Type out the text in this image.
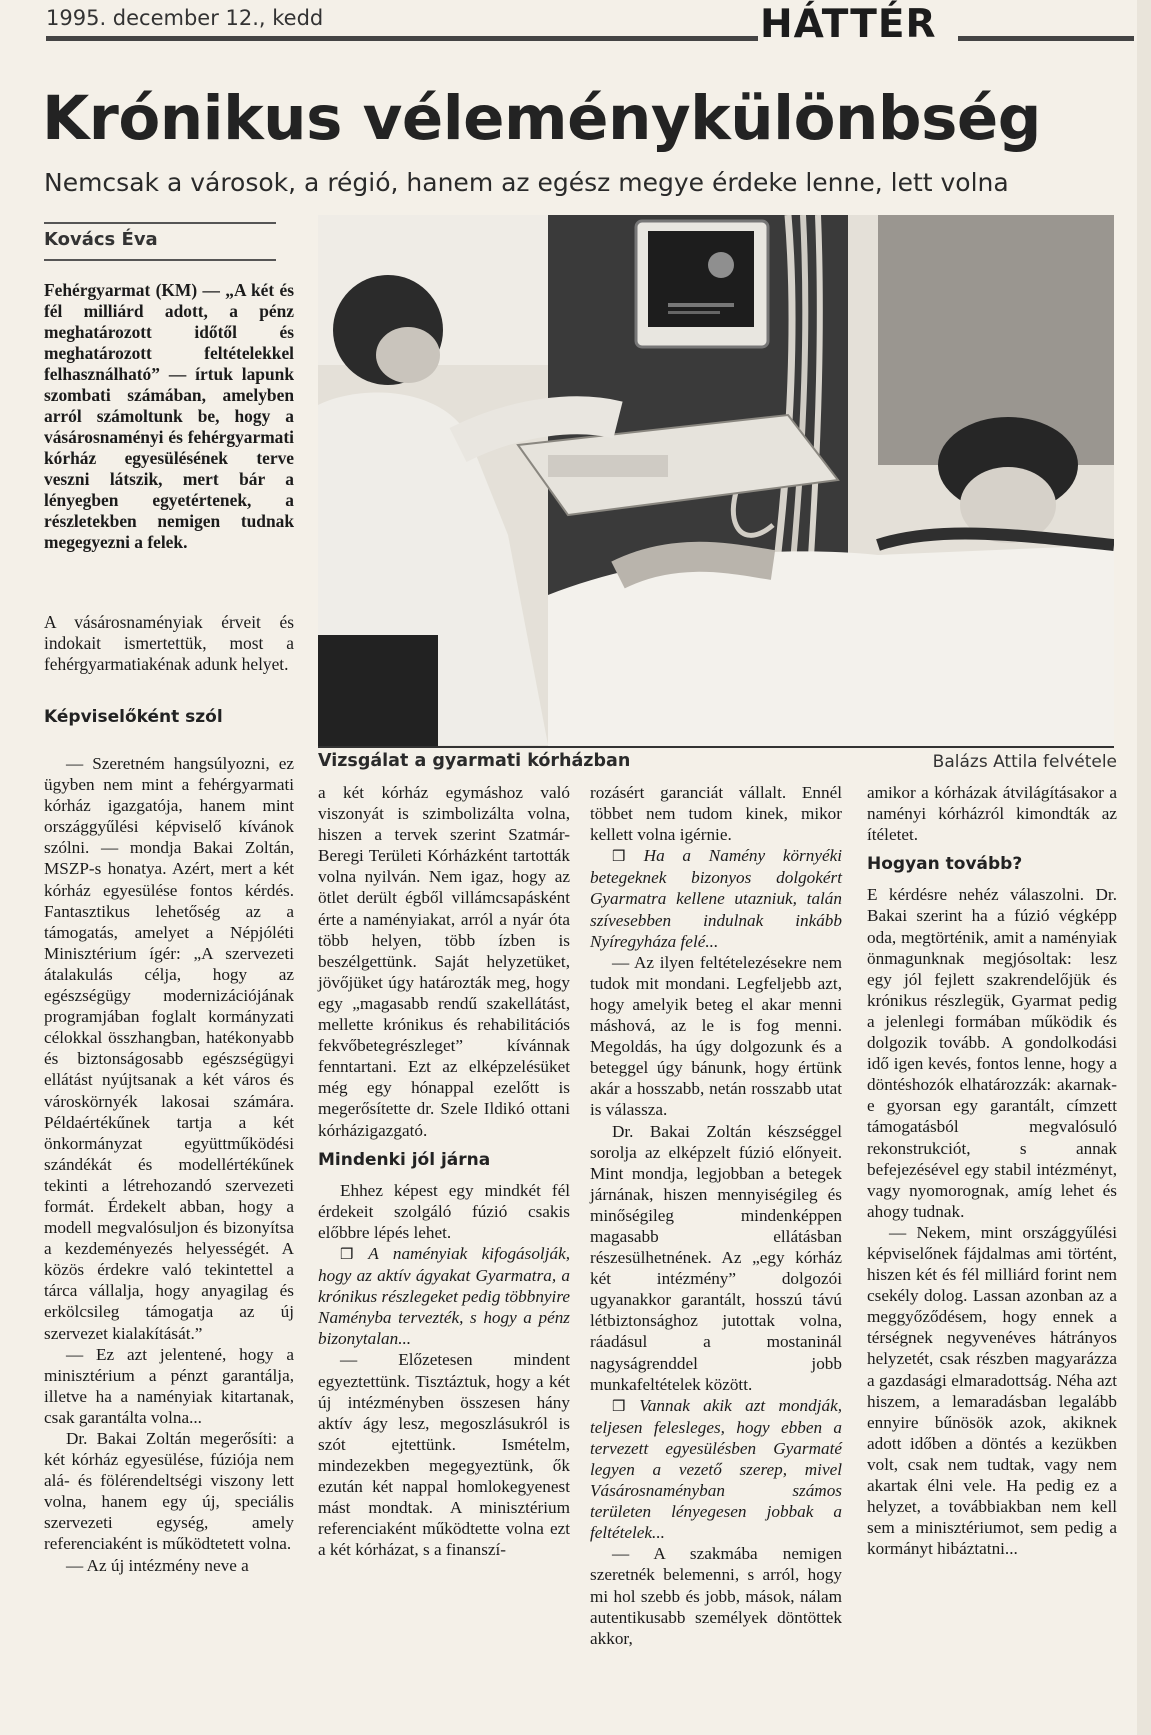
1995. december 12., kedd	HÁTTÉR
Krónikus véleménykülönbség
Nemcsak a városok, a régió, hanem az egész megye érdeke lenne, lett volna
Kovács Éva
Fehérgyarmat (KM) — „A két és fél milliárd adott, a pénz meghatározott időtől és meghatározott feltételekkel felhasználható” — írtuk lapunk szombati számában, amelyben arról számoltunk be, hogy a vásárosnaményi és fehérgyarmati kórház egyesülésének terve veszni látszik, mert bár a lényegben egyetértenek, a részletekben nemigen tudnak megegyezni a felek.
A vásárosnaményiak érveit és indokait ismertettük, most a fehérgyarmatiakénak adunk helyet.
Képviselőként szól
Vizsgálat a gyarmati kórházban	Balázs Attila felvétele

— Szeretném hangsúlyozni, ez ügyben nem mint a fehérgyarmati kórház igazgatója, hanem mint országgyűlési képviselő kívánok szólni. — mondja Bakai Zoltán, MSZP-s honatya. Azért, mert a két kórház egyesülése fontos kérdés. Fantasztikus lehetőség az a támogatás, amelyet a Népjóléti Minisztérium ígér: „A szervezeti átalakulás célja, hogy az egészségügy modernizációjának programjában foglalt kormányzati célokkal összhangban, hatékonyabb és biztonságosabb egészségügyi ellátást nyújtsanak a két város és városkörnyék lakosai számára. Példaértékűnek tartja a két önkormányzat együttműködési szándékát és modellértékűnek tekinti a létrehozandó szervezeti formát. Érdekelt abban, hogy a modell megvalósuljon és bizonyítsa a kezdeményezés helyességét. A közös érdekre való tekintettel a tárca vállalja, hogy anyagilag és erkölcsileg támogatja az új szervezet kialakítását.”

— Ez azt jelentené, hogy a minisztérium a pénzt garantálja, illetve ha a naményiak kitartanak, csak garantálta volna...

Dr. Bakai Zoltán megerősíti: a két kórház egyesülése, fúziója nem alá- és fölérendeltségi viszony lett volna, hanem egy új, speciális szervezeti egység, amely referenciaként is működtetett volna.

— Az új intézmény neve a

a két kórház egymáshoz való viszonyát is szimbolizálta volna, hiszen a tervek szerint Szatmár-Beregi Területi Kórházként tartották volna nyilván. Nem igaz, hogy az ötlet derült égből villámcsapásként érte a naményiakat, arról a nyár óta több helyen, több ízben is beszélgettünk. Saját helyzetüket, jövőjüket úgy határozták meg, hogy egy „magasabb rendű szakellátást, mellette krónikus és rehabilitációs fekvőbetegrészleget” kívánnak fenntartani. Ezt az elképzelésüket még egy hónappal ezelőtt is megerősítette dr. Szele Ildikó ottani kórházigazgató.

Mindenki jól járna

Ehhez képest egy mindkét fél érdekeit szolgáló fúzió csakis előbbre lépés lehet.

❒ A naményiak kifogásolják, hogy az aktív ágyakat Gyarmatra, a krónikus részlegeket pedig többnyire Naményba tervezték, s hogy a pénz bizonytalan...

— Előzetesen mindent egyeztettünk. Tisztáztuk, hogy a két új intézményben összesen hány aktív ágy lesz, megoszlásukról is szót ejtettünk. Ismételm, mindezekben megegyeztünk, ők ezután két nappal homlokegyenest mást mondtak. A minisztérium referenciaként működtette volna ezt a két kórházat, s a finanszí-

rozásért garanciát vállalt. Ennél többet nem tudom kinek, mikor kellett volna igérnie.

❒ Ha a Namény környéki betegeknek bizonyos dolgokért Gyarmatra kellene utazniuk, talán szívesebben indulnak inkább Nyíregyháza felé...

— Az ilyen feltételezésekre nem tudok mit mondani. Legfeljebb azt, hogy amelyik beteg el akar menni máshová, az le is fog menni. Megoldás, ha úgy dolgozunk és a beteggel úgy bánunk, hogy értünk akár a hosszabb, netán rosszabb utat is válassza.

Dr. Bakai Zoltán készséggel sorolja az elképzelt fúzió előnyeit. Mint mondja, legjobban a betegek járnának, hiszen mennyiségileg és minőségileg mindenképpen magasabb ellátásban részesülhetnének. Az „egy kórház két intézmény” dolgozói ugyanakkor garantált, hosszú távú létbiztonsághoz jutottak volna, ráadásul a mostaninál nagyságrenddel jobb munkafeltételek között.

❒ Vannak akik azt mondják, teljesen felesleges, hogy ebben a tervezett egyesülésben Gyarmaté legyen a vezető szerep, mivel Vásárosnaményban számos területen lényegesen jobbak a feltételek...

— A szakmába nemigen szeretnék belemenni, s arról, hogy mi hol szebb és jobb, mások, nálam autentikusabb személyek döntöttek akkor,

amikor a kórházak átvilágításakor a naményi kórházról kimondták az ítéletet.

Hogyan tovább?

E kérdésre nehéz válaszolni. Dr. Bakai szerint ha a fúzió végképp oda, megtörténik, amit a naményiak önmagunknak megjósoltak: lesz egy jól fejlett szakrendelőjük és krónikus részlegük, Gyarmat pedig a jelenlegi formában működik és dolgozik tovább. A gondolkodási idő igen kevés, fontos lenne, hogy a döntéshozók elhatározzák: akarnak-e gyorsan egy garantált, címzett támogatásból megvalósuló rekonstrukciót, s annak befejezésével egy stabil intézményt, vagy nyomorognak, amíg lehet és ahogy tudnak.

— Nekem, mint országgyűlési képviselőnek fájdalmas ami történt, hiszen két és fél milliárd forint nem csekély dolog. Lassan azonban az a meggyőződésem, hogy ennek a térségnek negyvenéves hátrányos helyzetét, csak részben magyarázza a gazdasági elmaradottság. Néha azt hiszem, a lemaradásban legalább ennyire bűnösök azok, akiknek adott időben a döntés a kezükben volt, csak nem tudtak, vagy nem akartak élni vele. Ha pedig ez a helyzet, a továbbiakban nem kell sem a minisztériumot, sem pedig a kormányt hibáztatni...
